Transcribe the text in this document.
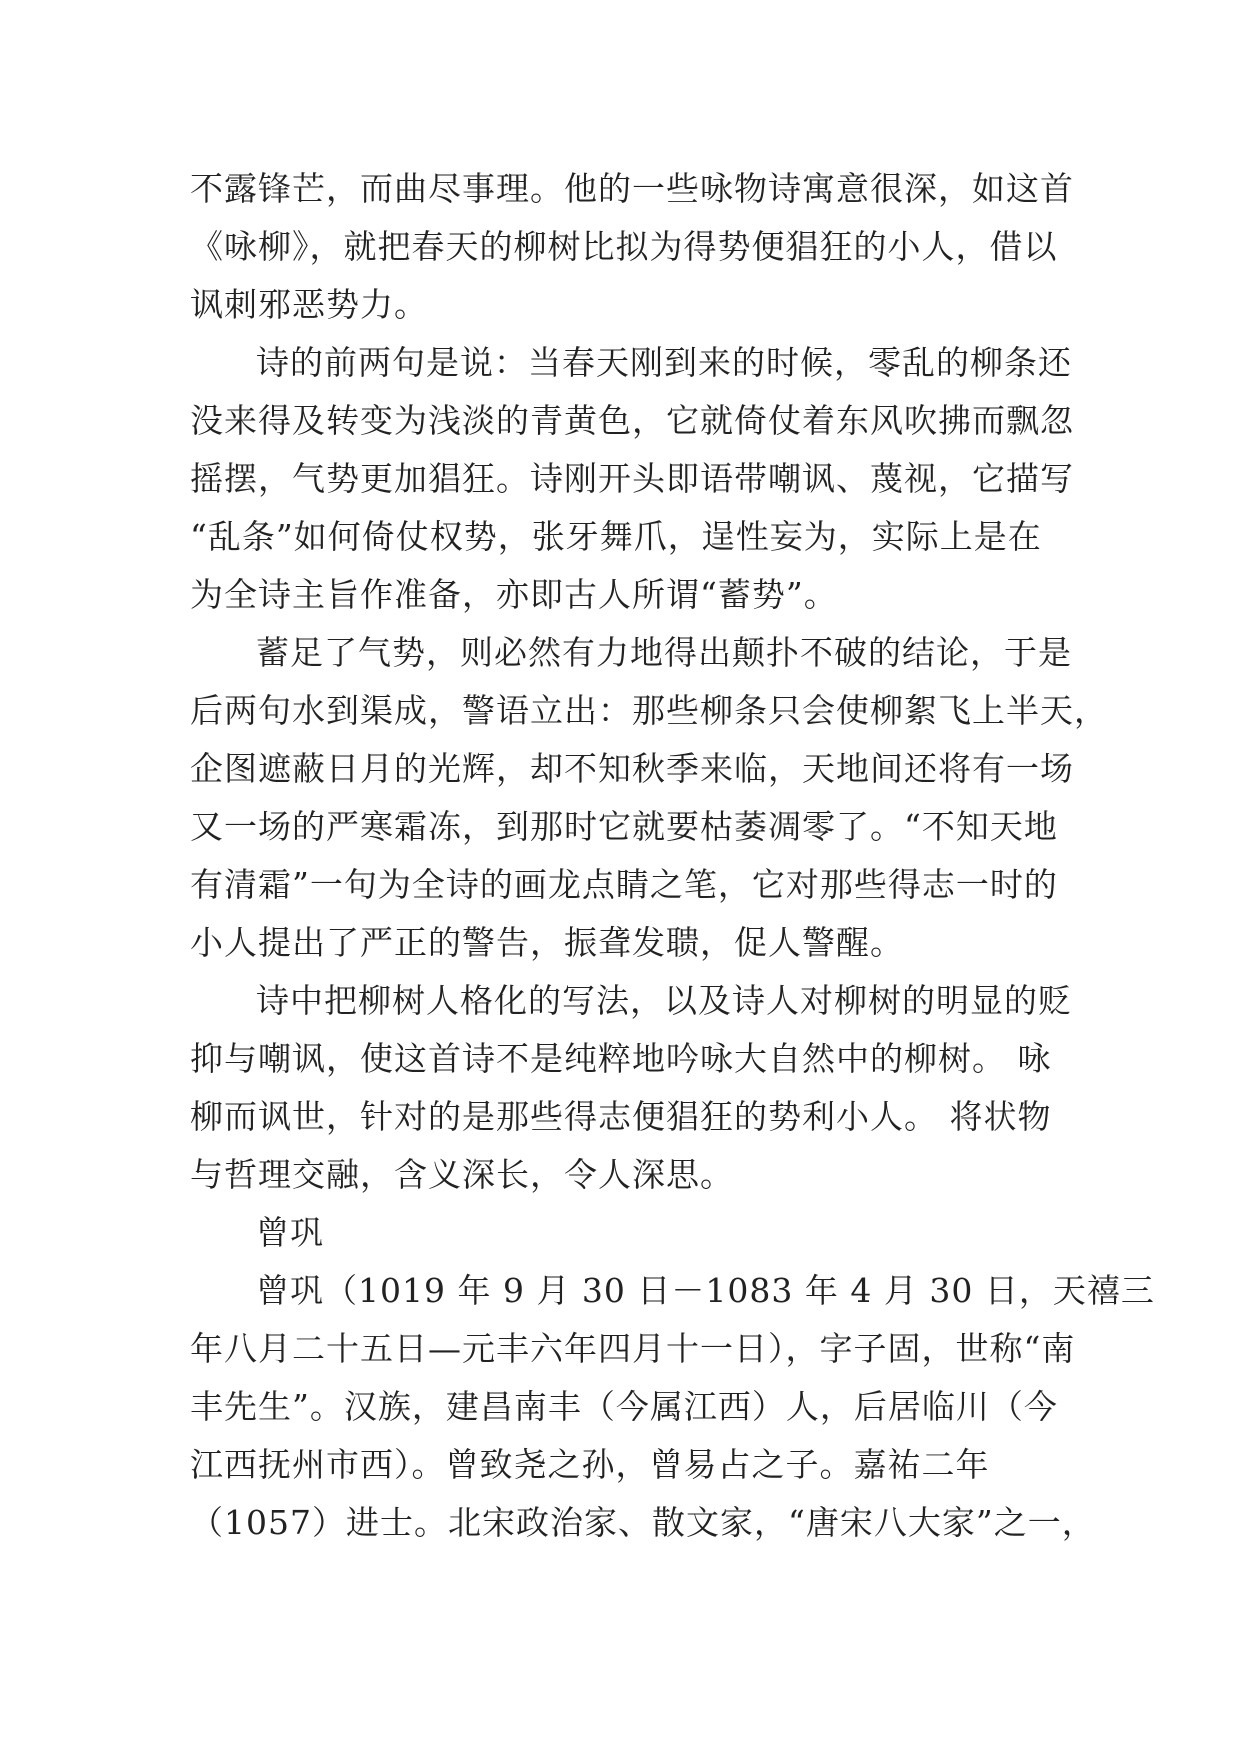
不露锋芒，而曲尽事理。他的一些咏物诗寓意很深，如这首
《咏柳》，就把春天的柳树比拟为得势便猖狂的小人，借以
讽刺邪恶势力。
诗的前两句是说：当春天刚到来的时候，零乱的柳条还
没来得及转变为浅淡的青黄色，它就倚仗着东风吹拂而飘忽
摇摆，气势更加猖狂。诗刚开头即语带嘲讽、蔑视，它描写
“乱条”如何倚仗权势，张牙舞爪，逞性妄为，实际上是在
为全诗主旨作准备，亦即古人所谓“蓄势”。
蓄足了气势，则必然有力地得出颠扑不破的结论，于是
后两句水到渠成，警语立出：那些柳条只会使柳絮飞上半天，
企图遮蔽日月的光辉，却不知秋季来临，天地间还将有一场
又一场的严寒霜冻，到那时它就要枯萎凋零了。“不知天地
有清霜”一句为全诗的画龙点睛之笔，它对那些得志一时的
小人提出了严正的警告，振聋发聩，促人警醒。
诗中把柳树人格化的写法，以及诗人对柳树的明显的贬
抑与嘲讽，使这首诗不是纯粹地吟咏大自然中的柳树。 咏
柳而讽世，针对的是那些得志便猖狂的势利小人。 将状物
与哲理交融，含义深长，令人深思。
曾巩
曾巩（1019 年 9 月 30 日－1083 年 4 月 30 日，天禧三
年八月二十五日—元丰六年四月十一日），字子固，世称“南
丰先生”。汉族，建昌南丰（今属江西）人，后居临川（今
江西抚州市西）。曾致尧之孙，曾易占之子。嘉祐二年
（1057）进士。北宋政治家、散文家，“唐宋八大家”之一，
